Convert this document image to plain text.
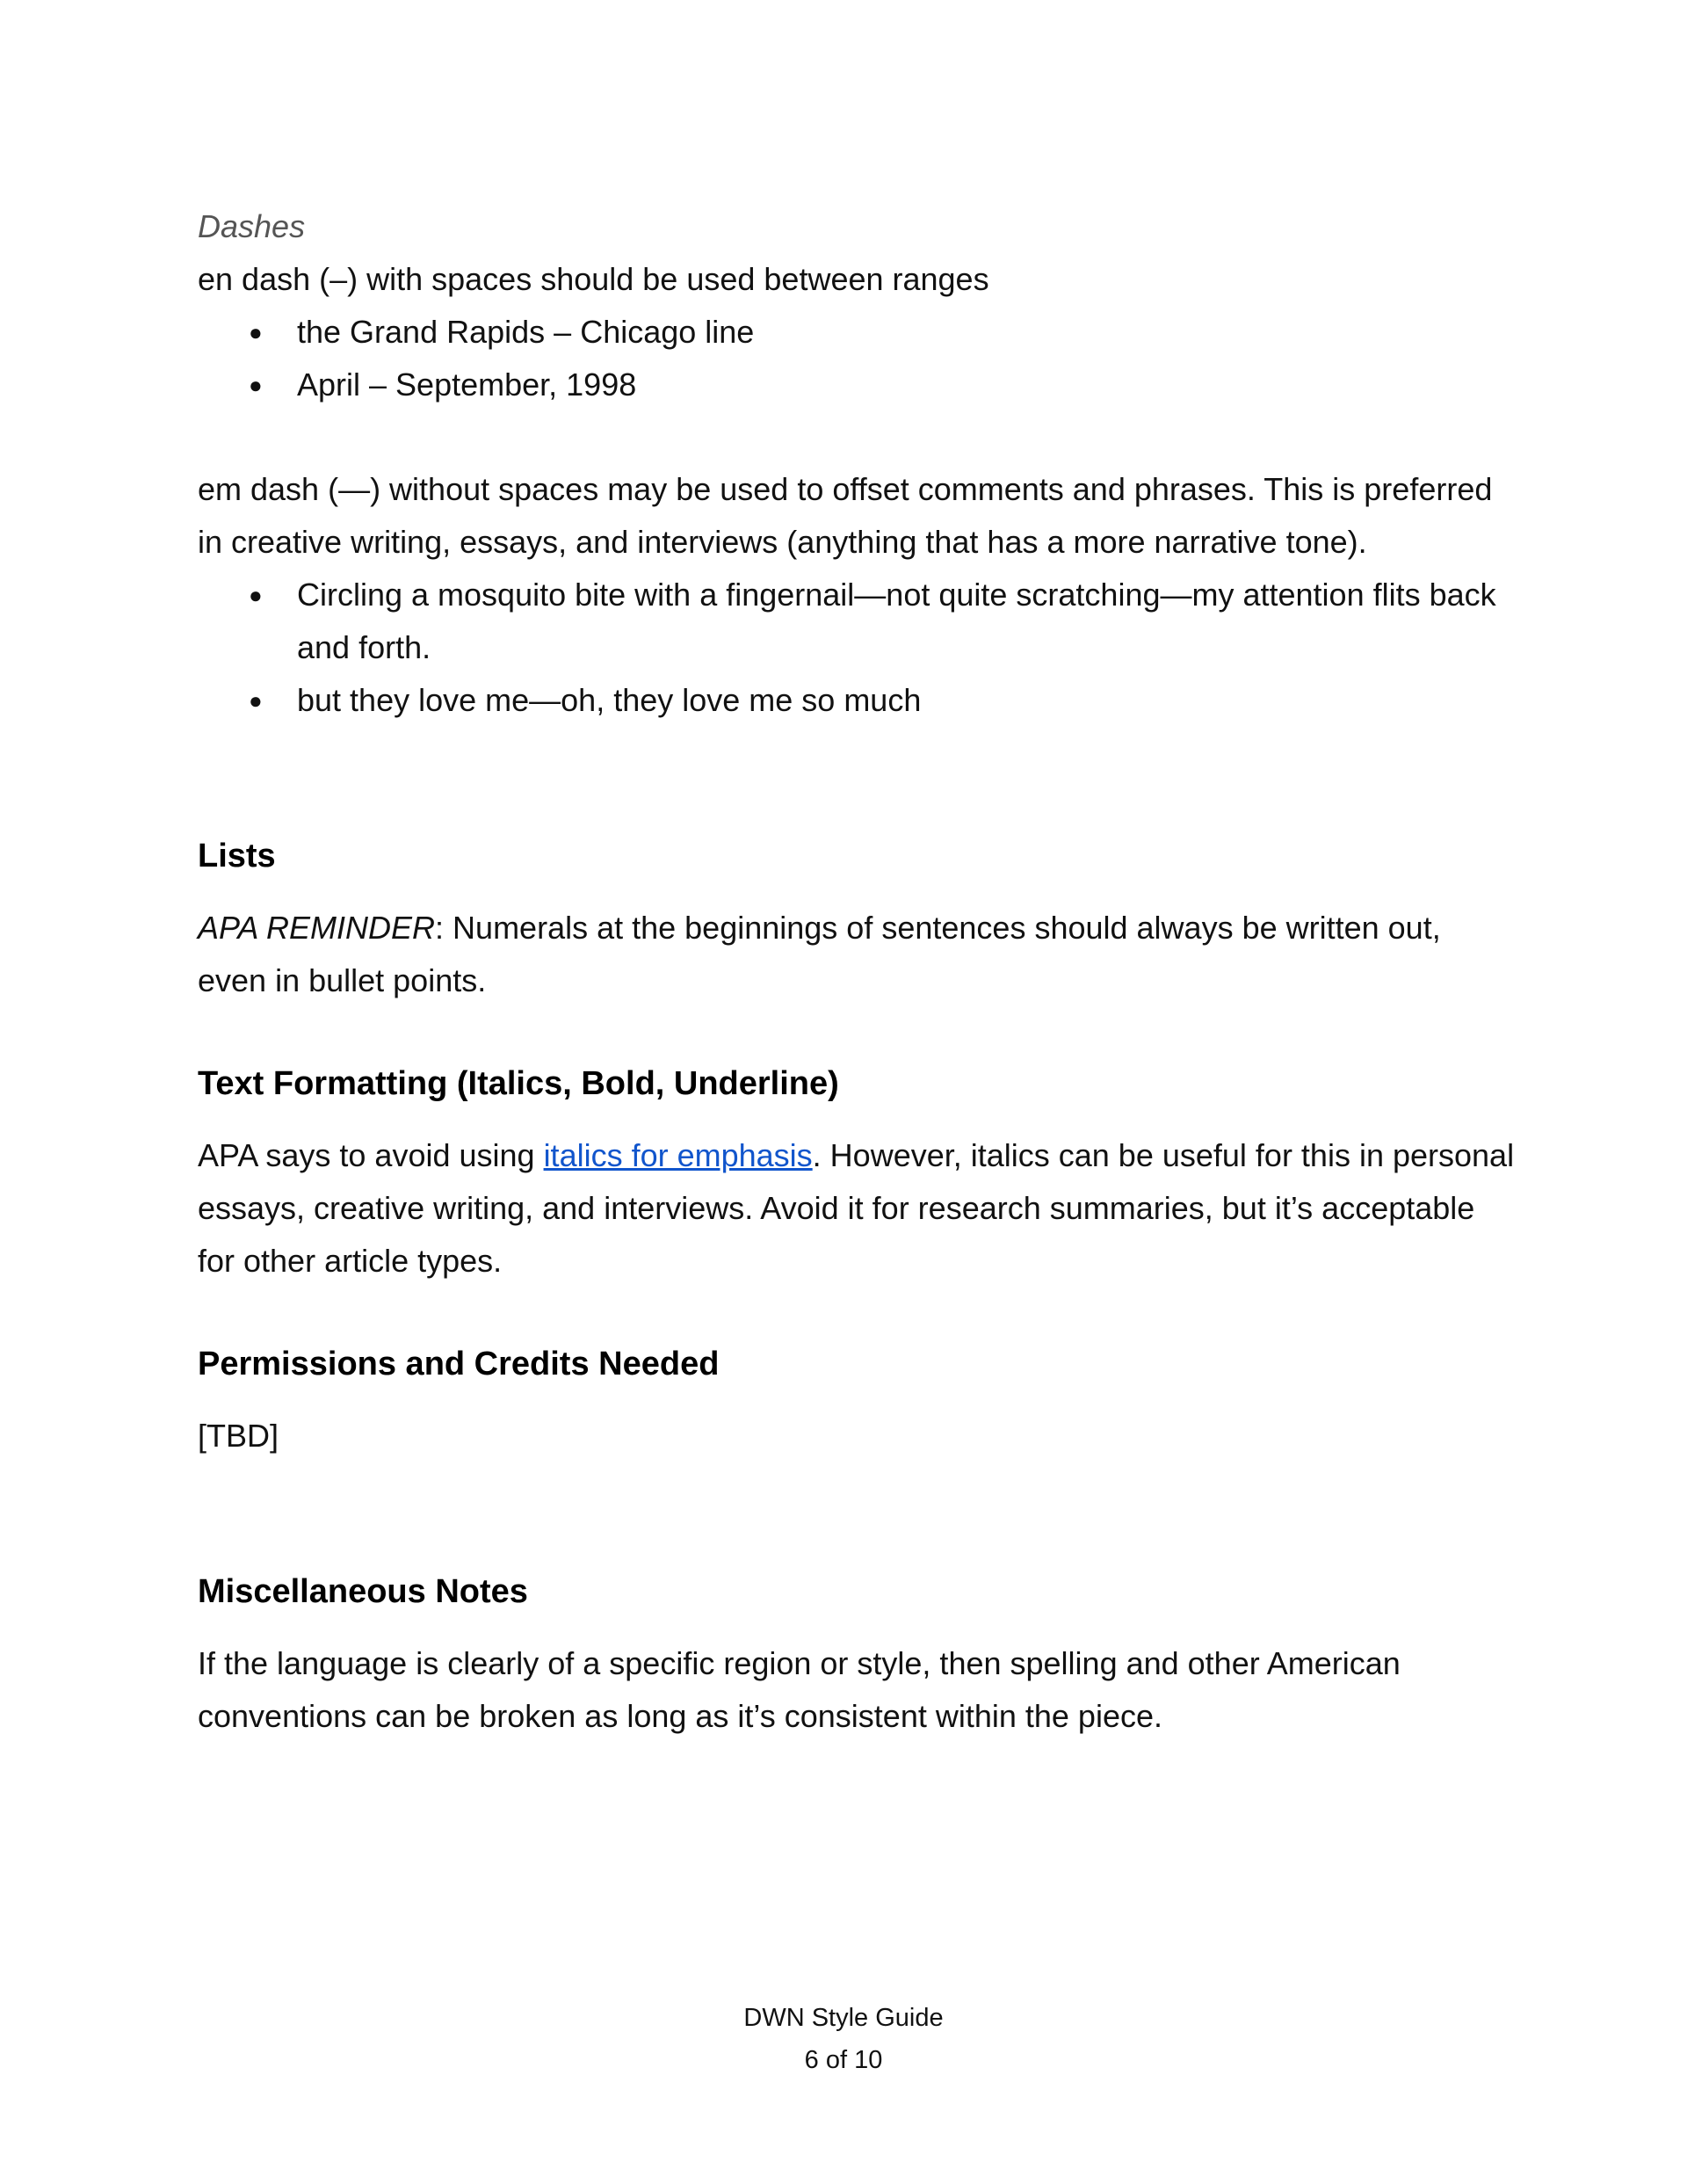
Dashes

en dash (–) with spaces should be used between ranges

● the Grand Rapids – Chicago line
● April – September, 1998

em dash (—) without spaces may be used to offset comments and phrases. This is preferred in creative writing, essays, and interviews (anything that has a more narrative tone).

● Circling a mosquito bite with a fingernail—not quite scratching—my attention flits back and forth.
● but they love me—oh, they love me so much
Lists

APA REMINDER: Numerals at the beginnings of sentences should always be written out, even in bullet points.

Text Formatting (Italics, Bold, Underline)

APA says to avoid using italics for emphasis. However, italics can be useful for this in personal essays, creative writing, and interviews. Avoid it for research summaries, but it’s acceptable for other article types.

Permissions and Credits Needed

[TBD]

Miscellaneous Notes

If the language is clearly of a specific region or style, then spelling and other American conventions can be broken as long as it’s consistent within the piece.

DWN Style Guide
6 of 10
